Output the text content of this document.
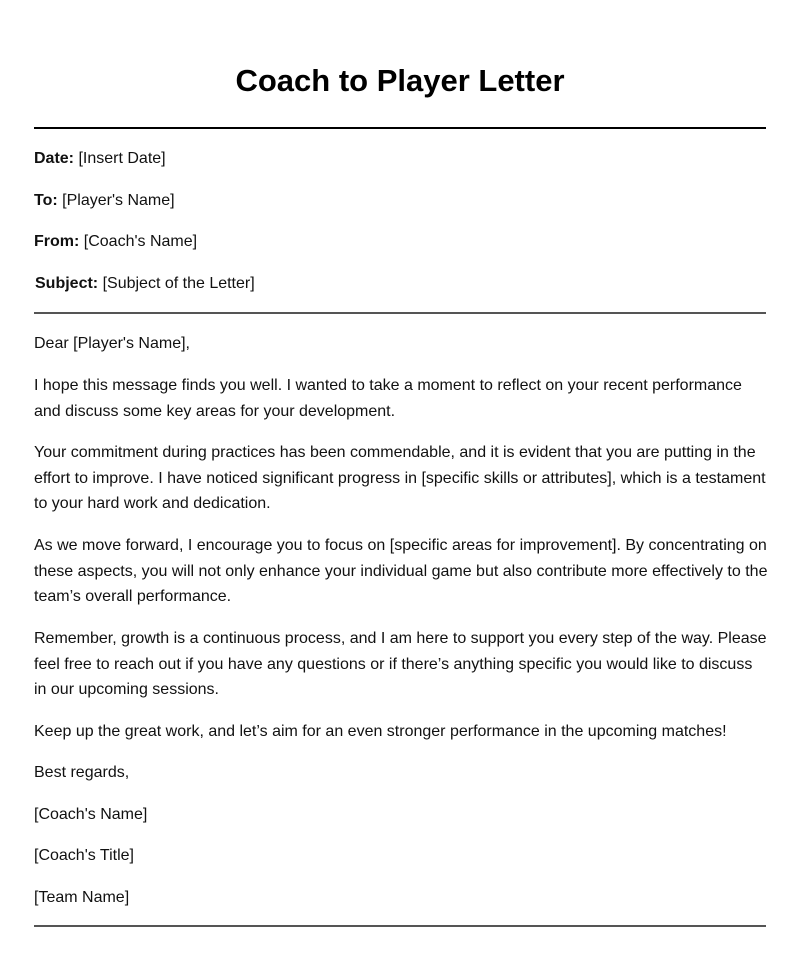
Coach to Player Letter
Date: [Insert Date]
To: [Player's Name]
From: [Coach's Name]
Subject: [Subject of the Letter]

Dear [Player's Name],

I hope this message finds you well. I wanted to take a moment to reflect on your recent performance and discuss some key areas for your development.

Your commitment during practices has been commendable, and it is evident that you are putting in the effort to improve. I have noticed significant progress in [specific skills or attributes], which is a testament to your hard work and dedication.

As we move forward, I encourage you to focus on [specific areas for improvement]. By concentrating on these aspects, you will not only enhance your individual game but also contribute more effectively to the team’s overall performance.

Remember, growth is a continuous process, and I am here to support you every step of the way. Please feel free to reach out if you have any questions or if there’s anything specific you would like to discuss in our upcoming sessions.

Keep up the great work, and let’s aim for an even stronger performance in the upcoming matches!

Best regards,

[Coach's Name]

[Coach's Title]

[Team Name]
